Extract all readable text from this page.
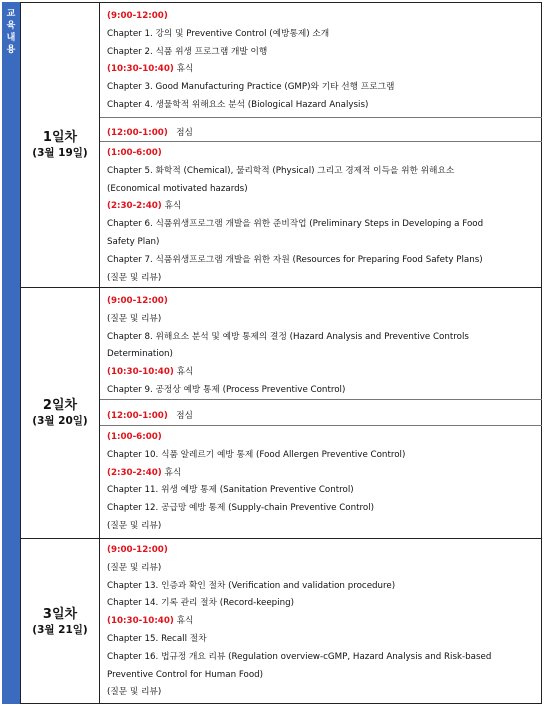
교
육
내
용
1일차
(3월 19일)
(9:00-12:00)
Chapter 1. 강의 및 Preventive Control (예방통제) 소개
Chapter 2. 식품 위생 프로그램 개발 이행
(10:30-10:40) 휴식
Chapter 3. Good Manufacturing Practice (GMP)와 기타 선행 프로그램
Chapter 4. 생물학적 위해요소 분석 (Biological Hazard Analysis)
(12:00-1:00) 점심
(1:00-6:00)
Chapter 5. 화학적 (Chemical), 물리학적 (Physical) 그리고 경제적 이득을 위한 위해요소
(Economical motivated hazards)
(2:30-2:40) 휴식
Chapter 6. 식품위생프로그램 개발을 위한 준비작업 (Preliminary Steps in Developing a Food
Safety Plan)
Chapter 7. 식품위생프로그램 개발을 위한 자원 (Resources for Preparing Food Safety Plans)
(질문 및 리뷰)
2일차
(3월 20일)
(9:00-12:00)
(질문 및 리뷰)
Chapter 8. 위해요소 분석 및 예방 통제의 결정 (Hazard Analysis and Preventive Controls
Determination)
(10:30-10:40) 휴식
Chapter 9. 공정상 예방 통제 (Process Preventive Control)
(12:00-1:00) 점심
(1:00-6:00)
Chapter 10. 식품 알레르기 예방 통제 (Food Allergen Preventive Control)
(2:30-2:40) 휴식
Chapter 11. 위생 예방 통제 (Sanitation Preventive Control)
Chapter 12. 공급망 예방 통제 (Supply-chain Preventive Control)
(질문 및 리뷰)
3일차
(3월 21일)
(9:00-12:00)
(질문 및 리뷰)
Chapter 13. 인증과 확인 절차 (Verification and validation procedure)
Chapter 14. 기록 관리 절차 (Record-keeping)
(10:30-10:40) 휴식
Chapter 15. Recall 절차
Chapter 16. 법규정 개요 리뷰 (Regulation overview-cGMP, Hazard Analysis and Risk-based
Preventive Control for Human Food)
(질문 및 리뷰)
